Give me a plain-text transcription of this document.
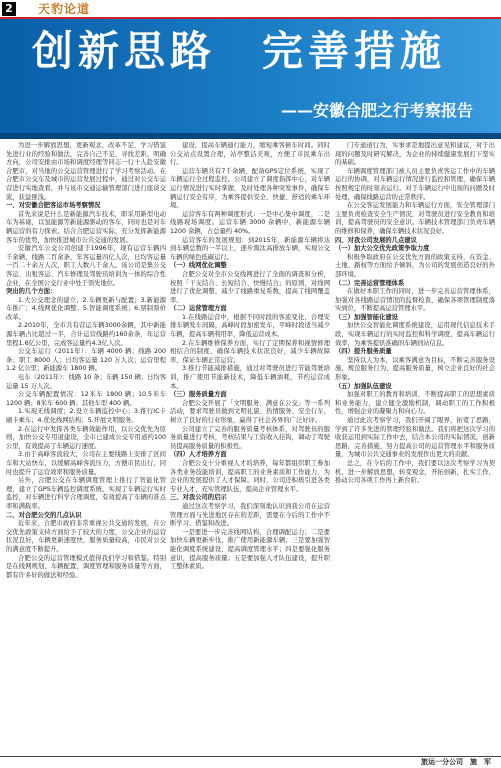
2 天豹论道
创新思路　完善措施
——安徽合肥之行考察报告

为进一步解放思想，更新观念，改革不足，学习借鉴先进行业的经验和做法，完善自己不足，寻找差距，明确方向，公司安排由市场和调度经理等同志一行十人赴安徽合肥市，对当地的公交运营管理进行了学习考察活动。在合肥市公交车及城市的运营发展过程中，通过对公交车运营进行实地查看，并与该市交通运输管理部门进行座谈交流，获益匪浅。

一、对安徽合肥客运市场考察情况

首先来说是什么是新能源汽车技术，即采用新型电动车为基础，以氢能源等新能源驱动的客车，同时也是对车辆运营的有力探索。结合合肥运营实际，充分发挥新能源客车的优势，加快推进城市公共交通的发展。

安徽汽车公交公司创建于1996年，现有运营车辆四千余辆，线路二百余条，年客运量四亿人次，日均客运量一百二十余万人次，职工人数八千余人。该公司是集公交客运、出租客运、汽车修理及驾驶员培训为一体的综合性企业，在全国公交行业中处于领先地位。

突出的几个方面：

1.大公交理念的建立；2.车辆更新与配置；3.新能源车推广；4.线网优化调整；5.智能调度系统；6.票制票价改革。

2.2010年，全市共有营运车辆3000余辆，其中新能源车辆占比超过一半，合计运营线路约160余条，年运营里程1.6亿公里，完成客运量约4.3亿人次。

公交车运行（2011年）：车辆 4000 辆；线路 200 条；职工 8000 人；日均客运量 120 万人次；运营里程 1.2 亿公里；新能源车 1800 辆。

电车（2011年）：线路 10 条；车辆 150 辆；日均客运量 15 万人次。

公交车辆配置情况：12米车 1800 辆；10.5米车 1200 辆；8米车 600 辆；其他车型 400 辆。

1.实现无线调度；2.设立车辆监控中心；3.推行IC卡刷卡乘车；4.优化线网结构；5.开展文明服务。

2.在运行中发挥各类车辆效能作用，以公交优先为原则，加快公交专用道建设，全市已建成公交专用道约100公里，有效提高了车辆运行速度。

3.由于高峰客流较大，公司在主要线路上安排了区间车和大站快车，以缓解高峰客流压力，方便市民出行，同时也提升了运营效率和服务质量。

另外，合肥公交在车辆调度管理上推行了智能化管理，建立了GPS车辆监控调度系统，实现了车辆运行实时监控，对车辆进行科学合理调度，有效提高了车辆的准点率和满载率。

二、对合肥公交的几点认识

近年来，合肥市政府非常重视公共交通的发展，在公交优先政策支持方面给予了较大的力度，公交企业的运营状况良好，车辆更新速度快，服务质量较高，市民对公交的满意度不断提升。

合肥公交的运营管理模式值得我们学习和借鉴。特别是在线网规划、车辆配置、调度管理和服务质量等方面，都有许多好的做法和经验。

建设，提高车辆通行能力，缩短乘客候车时间。同时公交站点设置合理，站亭整洁美观，方便了市民乘车出行。

运营车辆共有7千余辆，配备GPS定位系统，实现了车辆运行全过程监控。公司建立了调度指挥中心，对车辆运行情况进行实时掌握，及时处理各种突发事件，确保车辆运行安全有序，为乘客提供安全、快捷、舒适的乘车环境。

运营客车有两种调度形式：一是中心集中调度，二是线路现场调度。运营车辆 3000 余辆中，新能源车辆 1200 余辆，占总量约 40%。

运营客车的发展规划：到2015年，新能源车辆将达到车辆总数的一半以上，逐步淘汰高排放车辆，实现公交车辆的绿色低碳运行。

（一）线网优化调整

合肥公交对全市公交线网进行了全面的调查和分析，按照「干支结合、长短结合、快慢结合」的原则，对线网进行了优化调整，减少了线路重复系数，提高了线网覆盖率。

（二）运营管理方面

1.在线路运营中，根据不同时段的客流变化，合理安排车辆发车间隔，高峰时段加密发车，平峰时段适当减少车辆，提高车辆利用率，降低运营成本。

2.在车辆维修保养方面，实行了定期保养和视情修理相结合的制度，确保车辆技术状况良好，减少车辆故障率，保证车辆正常运营。

3.推行节能减排措施，通过对驾驶员进行节能驾驶培训，推广使用节能新技术，降低车辆油耗，节约运营成本。

（三）服务质量方面

合肥公交开展了「文明服务、满意在公交」等一系列活动，要求驾驶员做到文明礼貌、热情服务、安全行车，树立了良好的行业形象，赢得了社会各界的广泛好评。

公司建立了完善的服务质量考核体系，对驾驶员的服务质量进行考核，考核结果与工资收入挂钩，调动了驾驶员提高服务质量的积极性。

（四）人才培养方面

合肥公交十分重视人才的培养，每年都组织职工参加各类业务技能培训，提高职工的业务素质和工作能力，为企业的发展提供了人才保障。同时，公司还积极引进各类专业人才，充实管理队伍，提高企业管理水平。

三、对我公司的启示

通过这次考察学习，我们深刻地认识到我公司在运营管理方面与先进地区存在的差距，需要在今后的工作中不断学习、借鉴和改进。

一是要进一步完善线网结构，合理调配运力；二是要加快车辆更新步伐，推广使用新能源车辆；三是要加强智能化调度系统建设，提高调度管理水平；四是要强化服务意识，提高服务质量；五是要加强人才队伍建设，提升职工整体素质。

门专通道行为，实事求是地提出意见和建议，对于出现的问题及时研究解决，为企业的持续健康发展打下坚实的基础。

车辆调度管理部门被人员主要负责客运工作中的车辆运行的协调，对车辆运行情况进行监控和管理，确保车辆按照规定的时刻表运行。对于车辆运行中出现的问题及时处理，确保线路运营的正常秩序。

在公交客运发展能力和车辆运行方面，安全管理部门主要负责检查安全生产情况，对驾驶员进行安全教育和培训，提高驾驶员的安全意识。车辆技术管理部门负责车辆的维修和保养，确保车辆技术状况良好。

四、对我公司发展的几点建议

（一）加大公交优先政策争取力度

积极争取政府在公交优先方面的政策支持，在资金、土地、路权等方面给予倾斜，为公司的发展创造良好的外部环境。

（二）完善运营管理体系

在做好本职工作的同时，进一步完善运营管理体系，加强对各线路运营情况的监督检查，确保各项管理制度落实到位，不断提高运营管理水平。

（三）加强智能化建设

加快公交智能化调度系统建设，运用现代信息技术手段，实现车辆运行的实时监控和科学调度，提高车辆运行效率，为乘客提供准确的车辆到站信息。

（四）提升服务质量

坚持以人为本，以乘客满意为目标，不断完善服务设施，规范服务行为，提高服务质量，树立企业良好的社会形象。

（五）加强队伍建设

加强对职工的教育和培训，不断提高职工的思想素质和业务能力，建立健全激励机制，调动职工的工作积极性，增强企业的凝聚力和向心力。

通过此次考察学习，我们开阔了眼界，拓宽了思路，学到了许多先进的管理经验和做法。我们将把这次学习的收获运用到实际工作中去，结合本公司的实际情况，创新思路，完善措施，努力提高公司的运营管理水平和服务质量，为城市公共交通事业的发展作出更大的贡献。

总之，在今后的工作中，我们要以这次考察学习为契机，进一步解放思想，转变观念，开拓创新，扎实工作，推动公司各项工作再上新台阶。

旅运一分公司　施　军
